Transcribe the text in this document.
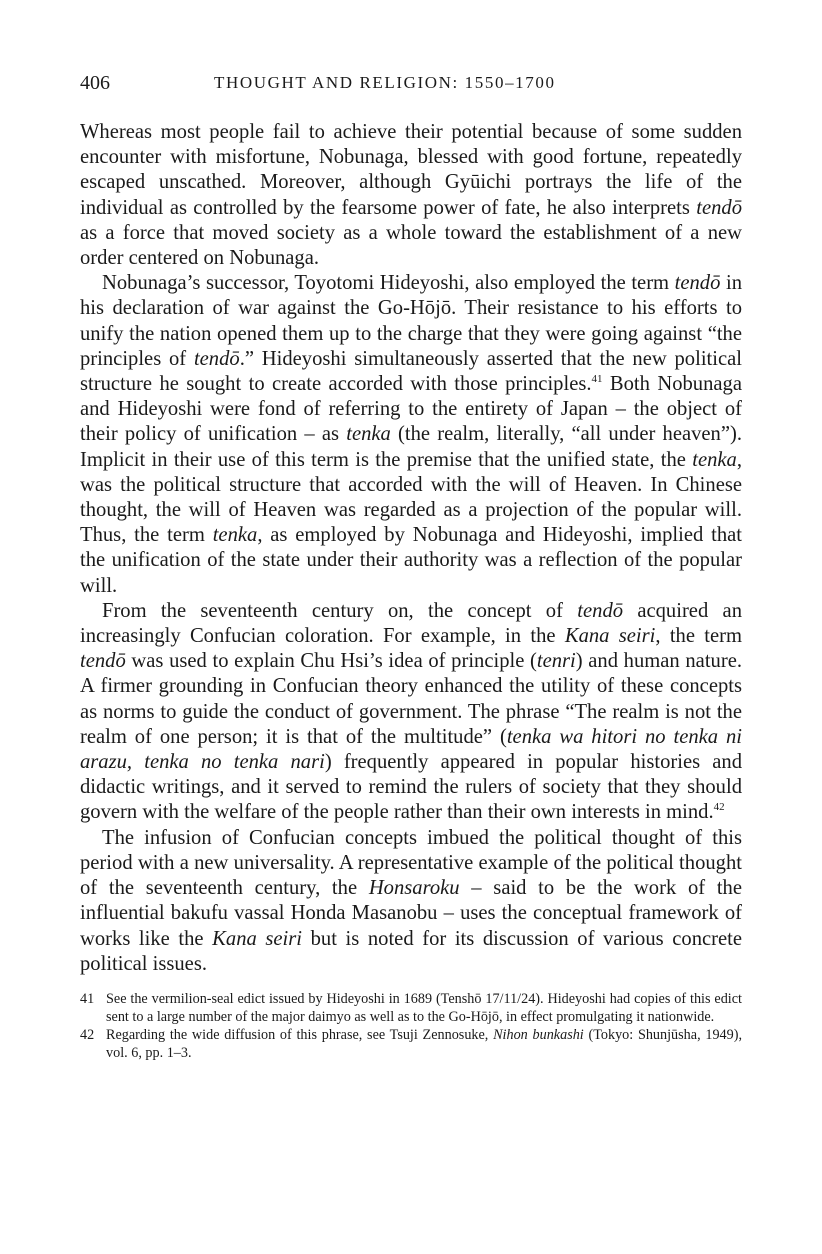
406	THOUGHT AND RELIGION: 1550–1700

Whereas most people fail to achieve their potential because of some sudden encounter with misfortune, Nobunaga, blessed with good fortune, repeatedly escaped unscathed. Moreover, although Gyūichi portrays the life of the individual as controlled by the fearsome power of fate, he also interprets tendō as a force that moved society as a whole toward the establishment of a new order centered on Nobunaga.

Nobunaga’s successor, Toyotomi Hideyoshi, also employed the term tendō in his declaration of war against the Go-Hōjō. Their resistance to his efforts to unify the nation opened them up to the charge that they were going against “the principles of tendō.” Hideyoshi simultaneously asserted that the new political structure he sought to create accorded with those principles.$^{41}$ Both Nobunaga and Hideyoshi were fond of referring to the entirety of Japan – the object of their policy of unification – as tenka (the realm, literally, “all under heaven”). Implicit in their use of this term is the premise that the unified state, the tenka, was the political structure that accorded with the will of Heaven. In Chinese thought, the will of Heaven was regarded as a projection of the popular will. Thus, the term tenka, as employed by Nobunaga and Hideyoshi, implied that the unification of the state under their authority was a reflection of the popular will.

From the seventeenth century on, the concept of tendō acquired an increasingly Confucian coloration. For example, in the Kana seiri, the term tendō was used to explain Chu Hsi’s idea of principle (tenri) and human nature. A firmer grounding in Confucian theory enhanced the utility of these concepts as norms to guide the conduct of government. The phrase “The realm is not the realm of one person; it is that of the multitude” (tenka wa hitori no tenka ni arazu, tenka no tenka nari) frequently appeared in popular histories and didactic writings, and it served to remind the rulers of society that they should govern with the welfare of the people rather than their own interests in mind.$^{42}$

The infusion of Confucian concepts imbued the political thought of this period with a new universality. A representative example of the political thought of the seventeenth century, the Honsaroku – said to be the work of the influential bakufu vassal Honda Masanobu – uses the conceptual framework of works like the Kana seiri but is noted for its discussion of various concrete political issues.

41 See the vermilion-seal edict issued by Hideyoshi in 1689 (Tenshō 17/11/24). Hideyoshi had copies of this edict sent to a large number of the major daimyo as well as to the Go-Hōjō, in effect promulgating it nationwide.

42 Regarding the wide diffusion of this phrase, see Tsuji Zennosuke, Nihon bunkashi (Tokyo: Shunjūsha, 1949), vol. 6, pp. 1–3.
